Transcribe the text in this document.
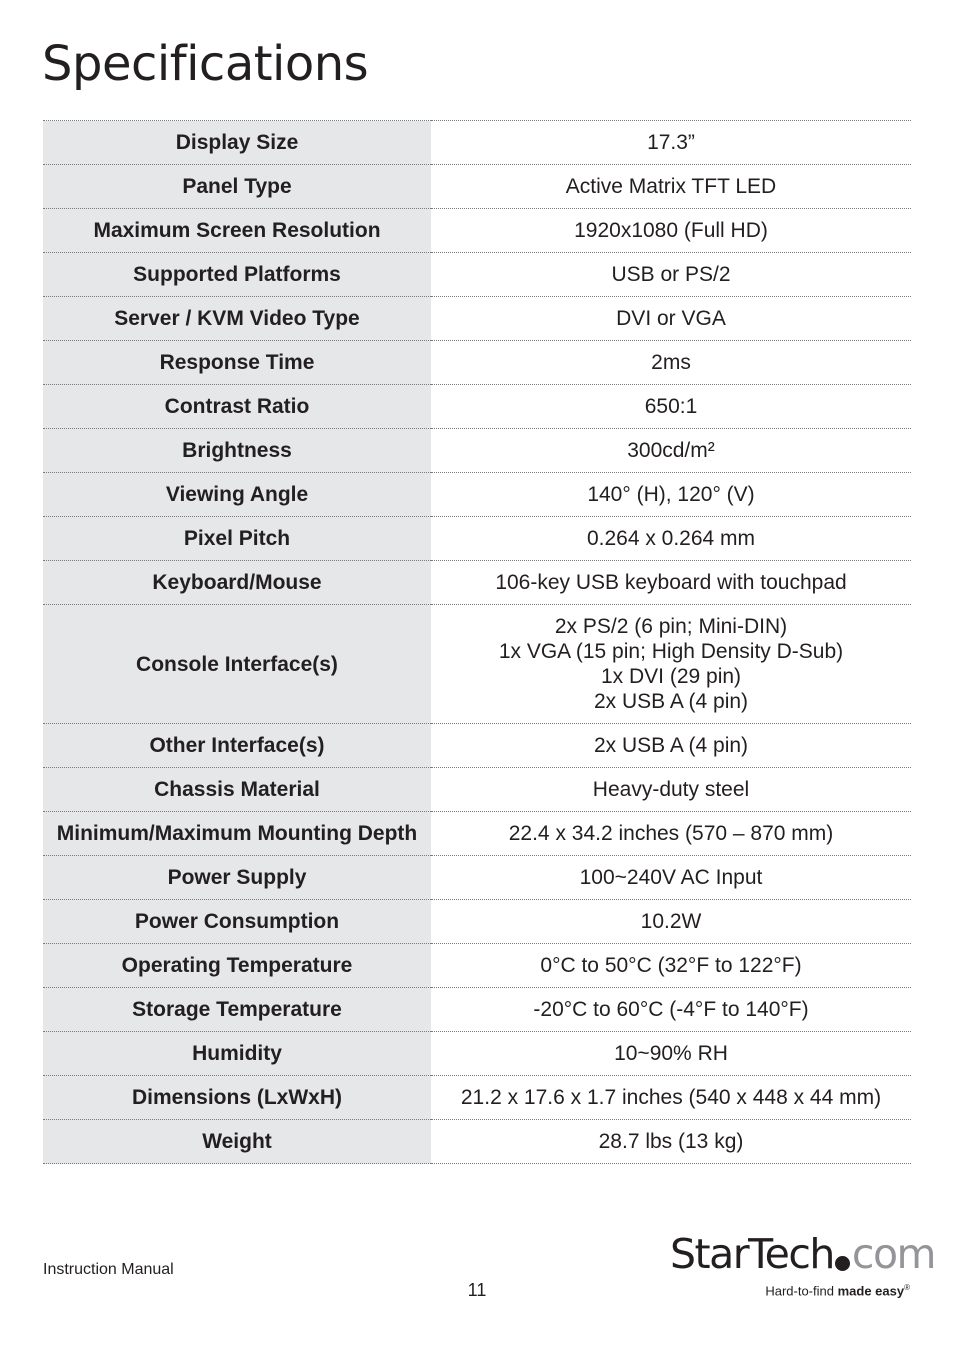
Specifications
Display Size	17.3”

Panel Type	Active Matrix TFT LED

Maximum Screen Resolution	1920x1080 (Full HD)

Supported Platforms	USB or PS/2

Server / KVM Video Type	DVI or VGA

Response Time	2ms

Contrast Ratio	650:1

Brightness	300cd/m²

Viewing Angle	140° (H), 120° (V)

Pixel Pitch	0.264 x 0.264 mm

Keyboard/Mouse	106-key USB keyboard with touchpad

Console Interface(s)	2x PS/2 (6 pin; Mini-DIN)
1x VGA (15 pin; High Density D-Sub)
1x DVI (29 pin)
2x USB A (4 pin)

Other Interface(s)	2x USB A (4 pin)

Chassis Material	Heavy-duty steel

Minimum/Maximum Mounting Depth	22.4 x 34.2 inches (570 – 870 mm)

Power Supply	100~240V AC Input

Power Consumption	10.2W

Operating Temperature	0°C to 50°C (32°F to 122°F)

Storage Temperature	-20°C to 60°C (-4°F to 140°F)

Humidity	10~90% RH

Dimensions (LxWxH)	21.2 x 17.6 x 1.7 inches (540 x 448 x 44 mm)

Weight	28.7 lbs (13 kg)
Instruction Manual
11
StarTech com
Hard-to-find made easy®
